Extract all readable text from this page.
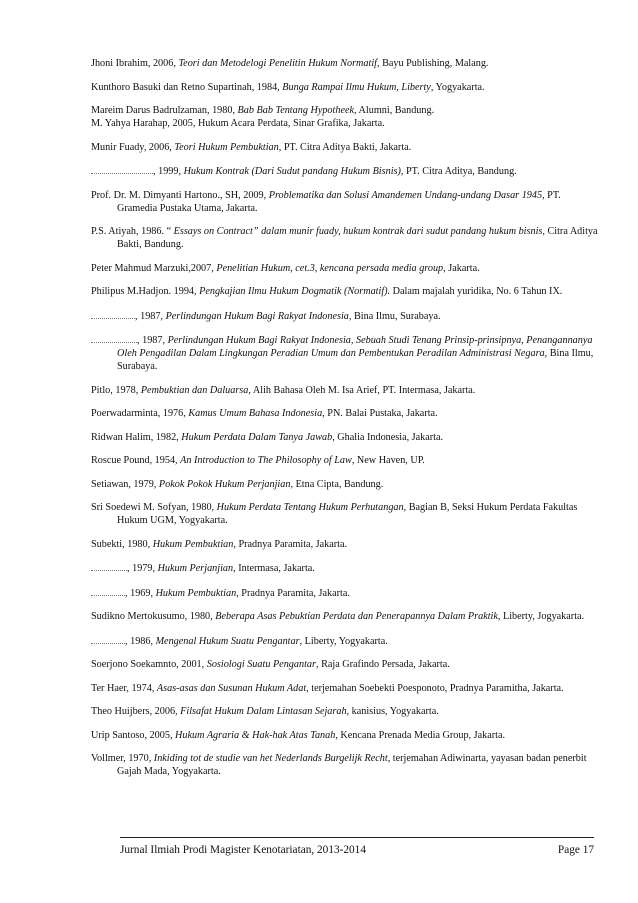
Jhoni Ibrahim, 2006, Teori dan Metodelogi Penelitin Hukum Normatif, Bayu Publishing, Malang.

Kunthoro Basuki dan Retno Supartinah, 1984, Bunga Rampai Ilmu Hukum, Liberty, Yogyakarta.

Mareim Darus Badrulzaman, 1980, Bab Bab Tentang Hypotheek, Alumni, Bandung.

M. Yahya Harahap, 2005, Hukum Acara Perdata, Sinar Grafika, Jakarta.

Munir Fuady, 2006, Teori Hukum Pembuktian, PT. Citra Aditya Bakti, Jakarta.

, 1999, Hukum Kontrak (Dari Sudut pandang Hukum Bisnis), PT. Citra Aditya, Bandung.

Prof. Dr. M. Dimyanti Hartono., SH, 2009, Problematika dan Solusi Amandemen Undang-undang Dasar 1945, PT. Gramedia Pustaka Utama, Jakarta.

P.S. Atiyah, 1986. “ Essays on Contract” dalam munir fuady, hukum kontrak dari sudut pandang hukum bisnis, Citra Aditya Bakti, Bandung.

Peter Mahmud Marzuki,2007, Penelitian Hukum, cet.3, kencana persada media group, Jakarta.

Philipus M.Hadjon. 1994, Pengkajian Ilmu Hukum Dogmatik (Normatif). Dalam majalah yuridika, No. 6 Tahun IX.

, 1987, Perlindungan Hukum Bagi Rakyat Indonesia, Bina Ilmu, Surabaya.

, 1987, Perlindungan Hukum Bagi Rakyat Indonesia, Sebuah Studi Tenang Prinsip-prinsipnya, Penangannanya Oleh Pengadilan Dalam Lingkungan Peradian Umum dan Pembentukan Peradilan Administrasi Negara, Bina Ilmu, Surabaya.

Pitlo, 1978, Pembuktian dan Daluarsa, Alih Bahasa Oleh M. Isa Arief, PT. Intermasa, Jakarta.

Poerwadarminta, 1976, Kamus Umum Bahasa Indonesia, PN. Balai Pustaka, Jakarta.

Ridwan Halim, 1982, Hukum Perdata Dalam Tanya Jawab, Ghalia Indonesia, Jakarta.

Roscue Pound, 1954, An Introduction to The Philosophy of Law, New Haven, UP.

Setiawan, 1979, Pokok Pokok Hukum Perjanjian, Etna Cipta, Bandung.

Sri Soedewi M. Sofyan, 1980, Hukum Perdata Tentang Hukum Perhutangan, Bagian B, Seksi Hukum Perdata Fakultas Hukum UGM, Yogyakarta.

Subekti, 1980, Hukum Pembuktian, Pradnya Paramita, Jakarta.

, 1979, Hukum Perjanjian, Intermasa, Jakarta.

, 1969, Hukum Pembuktian, Pradnya Paramita, Jakarta.

Sudikno Mertokusumo, 1980, Beberapa Asas Pebuktian Perdata dan Penerapannya Dalam Praktik, Liberty, Jogyakarta.

, 1986, Mengenal Hukum Suatu Pengantar, Liberty, Yogyakarta.

Soerjono Soekamnto, 2001, Sosiologi Suatu Pengantar, Raja Grafindo Persada, Jakarta.

Ter Haer, 1974, Asas-asas dan Susunan Hukum Adat, terjemahan Soebekti Poesponoto, Pradnya Paramitha, Jakarta.

Theo Huijbers, 2006, Filsafat Hukum Dalam Lintasan Sejarah, kanisius, Yogyakarta.

Urip Santoso, 2005, Hukum Agraria & Hak-hak Atas Tanah, Kencana Prenada Media Group, Jakarta.

Vollmer, 1970, Inkiding tot de studie van het Nederlands Burgelijk Recht, terjemahan Adiwinarta, yayasan badan penerbit Gajah Mada, Yogyakarta.

Jurnal Ilmiah Prodi Magister Kenotariatan, 2013-2014	Page 17
